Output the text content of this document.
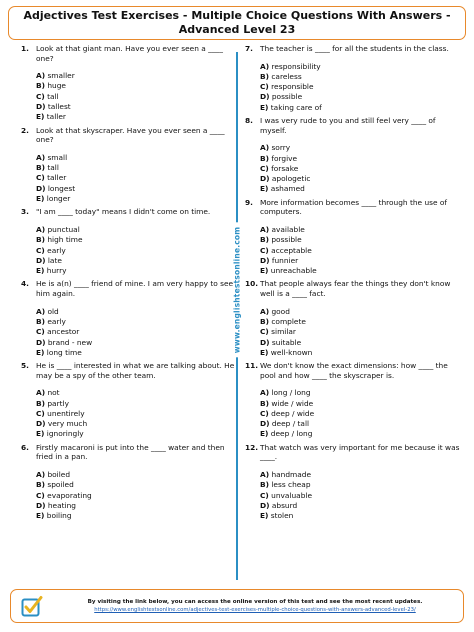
Adjectives Test Exercises - Multiple Choice Questions With Answers -
Advanced Level 23
www.englishtestsonline.com
1. Look at that giant man. Have you ever seen a ____ one?
A) smaller
B) huge
C) tall
D) tallest
E) taller
2. Look at that skyscraper. Have you ever seen a ____ one?
A) small
B) tall
C) taller
D) longest
E) longer
3. "I am ____ today" means I didn't come on time.
A) punctual
B) high time
C) early
D) late
E) hurry
4. He is a(n) ____ friend of mine. I am very happy to see him again.
A) old
B) early
C) ancestor
D) brand - new
E) long time
5. He is ____ interested in what we are talking about. He may be a spy of the other team.
A) not
B) partly
C) unentirely
D) very much
E) ignoringly
6. Firstly macaroni is put into the ____ water and then fried in a pan.
A) boiled
B) spoiled
C) evaporating
D) heating
E) boiling
7. The teacher is ____ for all the students in the class.
A) responsibility
B) careless
C) responsible
D) possible
E) taking care of
8. I was very rude to you and still feel very ____ of myself.
A) sorry
B) forgive
C) forsake
D) apologetic
E) ashamed
9. More information becomes ____ through the use of computers.
A) available
B) possible
C) acceptable
D) funnier
E) unreachable
10. That people always fear the things they don't know well is a ____ fact.
A) good
B) complete
C) similar
D) suitable
E) well-known
11. We don't know the exact dimensions: how ____ the pool and how ____ the skyscraper is.
A) long / long
B) wide / wide
C) deep / wide
D) deep / tall
E) deep / long
12. That watch was very important for me because it was ____.
A) handmade
B) less cheap
C) unvaluable
D) absurd
E) stolen
By visiting the link below, you can access the online version of this test and see the most recent updates.
https://www.englishtestsonline.com/adjectives-test-exercises-multiple-choice-questions-with-answers-advanced-level-23/
